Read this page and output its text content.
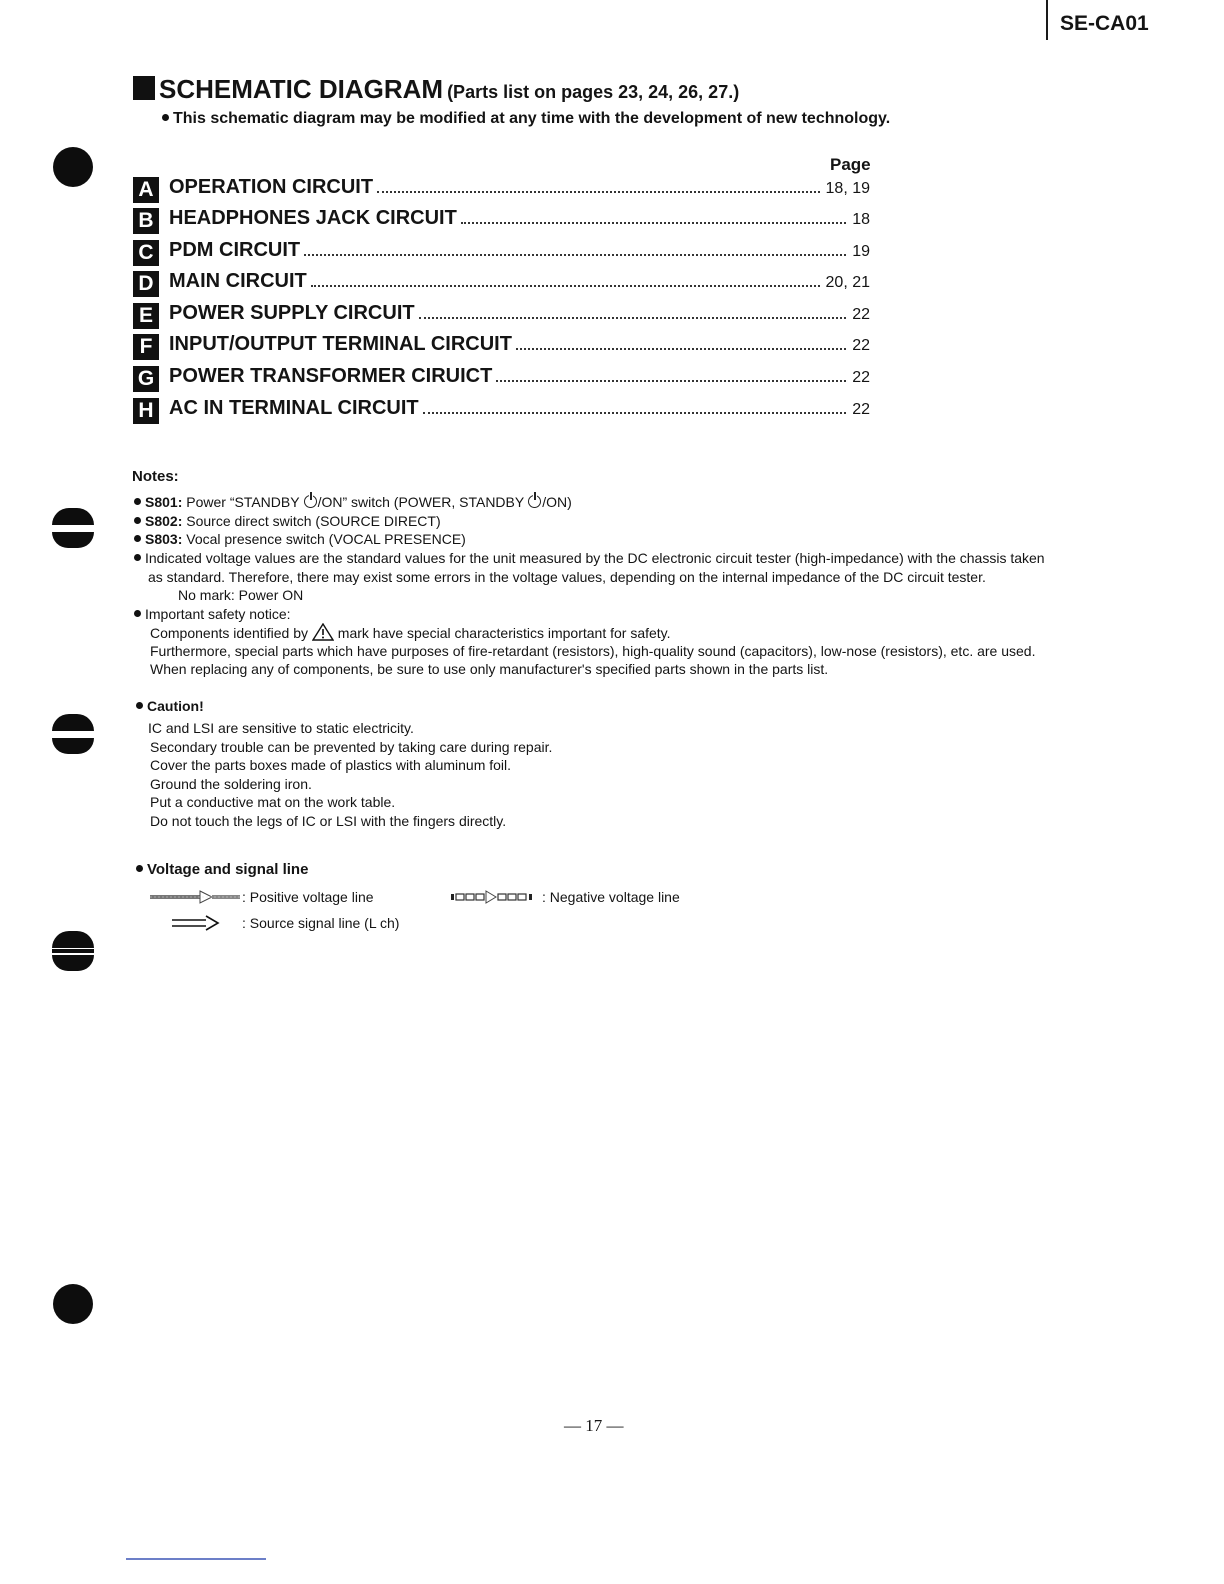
SE-CA01
SCHEMATIC DIAGRAM (Parts list on pages 23, 24, 26, 27.)
This schematic diagram may be modified at any time with the development of new technology.
Page
A OPERATION CIRCUIT	18, 19
B HEADPHONES JACK CIRCUIT	18
C PDM CIRCUIT	19
D MAIN CIRCUIT	20, 21
E POWER SUPPLY CIRCUIT	22
F INPUT/OUTPUT TERMINAL CIRCUIT	22
G POWER TRANSFORMER CIRUICT	22
H AC IN TERMINAL CIRCUIT	22
Notes:
S801: Power “STANDBY /ON” switch (POWER, STANDBY /ON)
S802: Source direct switch (SOURCE DIRECT)
S803: Vocal presence switch (VOCAL PRESENCE)
Indicated voltage values are the standard values for the unit measured by the DC electronic circuit tester (high-impedance) with the chassis taken
as standard. Therefore, there may exist some errors in the voltage values, depending on the internal impedance of the DC circuit tester.
No mark: Power ON
Important safety notice:
Components identified by mark have special characteristics important for safety.
Furthermore, special parts which have purposes of fire-retardant (resistors), high-quality sound (capacitors), low-nose (resistors), etc. are used.
When replacing any of components, be sure to use only manufacturer's specified parts shown in the parts list.
Caution!
IC and LSI are sensitive to static electricity.
Secondary trouble can be prevented by taking care during repair.
Cover the parts boxes made of plastics with aluminum foil.
Ground the soldering iron.
Put a conductive mat on the work table.
Do not touch the legs of IC or LSI with the fingers directly.
Voltage and signal line
: Positive voltage line	: Negative voltage line
: Source signal line (L ch)
— 17 —
